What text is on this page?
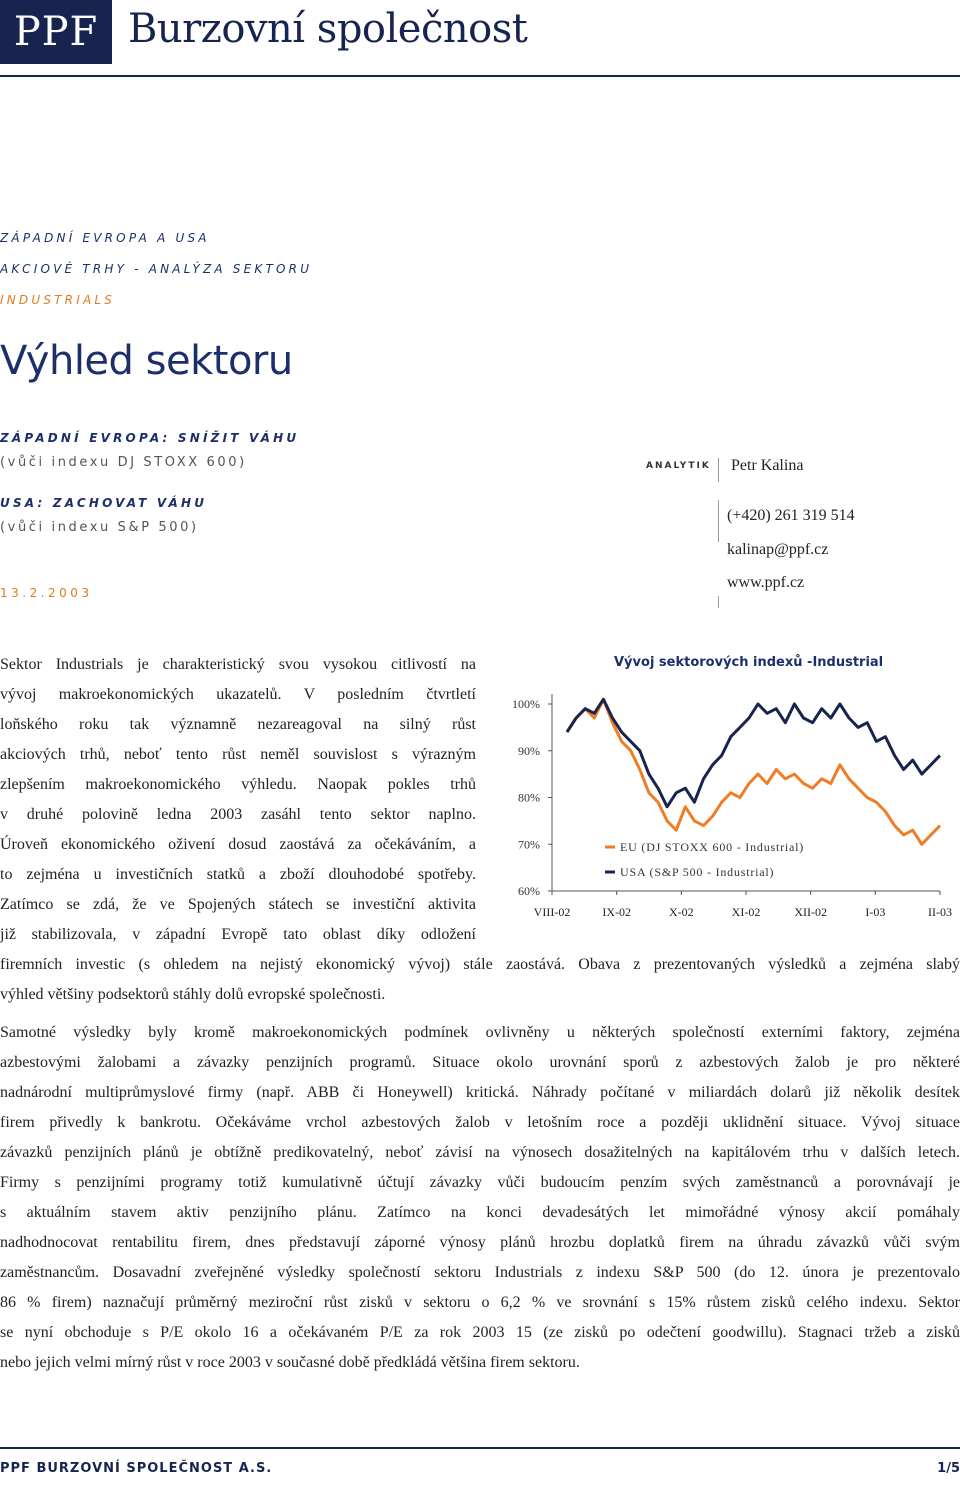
PPF Burzovní společnost
ZÁPADNÍ EVROPA A USA
AKCIOVÉ TRHY - ANALÝZA SEKTORU
INDUSTRIALS
Výhled sektoru
ZÁPADNÍ EVROPA: SNÍŽIT VÁHU
(vůči indexu DJ STOXX 600)
USA: ZACHOVAT VÁHU
(vůči indexu S&P 500)
13.2.2003
ANALYTIK Petr Kalina
(+420) 261 319 514
kalinap@ppf.cz
www.ppf.cz
Sektor Industrials je charakteristický svou vysokou citlivostí na
vývoj makroekonomických ukazatelů. V posledním čtvrtletí
loňského roku tak významně nezareagoval na silný růst
akciových trhů, neboť tento růst neměl souvislost s výrazným
zlepšením makroekonomického výhledu. Naopak pokles trhů
v druhé polovině ledna 2003 zasáhl tento sektor naplno.
Úroveň ekonomického oživení dosud zaostává za očekáváním, a
to zejména u investičních statků a zboží dlouhodobé spotřeby.
Zatímco se zdá, že ve Spojených státech se investiční aktivita
již stabilizovala, v západní Evropě tato oblast díky odložení
firemních investic (s ohledem na nejistý ekonomický vývoj) stále zaostává. Obava z prezentovaných výsledků a zejména slabý
výhled většiny podsektorů stáhly dolů evropské společnosti.
Samotné výsledky byly kromě makroekonomických podmínek ovlivněny u některých společností externími faktory, zejména
azbestovými žalobami a závazky penzijních programů. Situace okolo urovnání sporů z azbestových žalob je pro některé
nadnárodní multiprůmyslové firmy (např. ABB či Honeywell) kritická. Náhrady počítané v miliardách dolarů již několik desítek
firem přivedly k bankrotu. Očekáváme vrchol azbestových žalob v letošním roce a později uklidnění situace. Vývoj situace
závazků penzijních plánů je obtížně predikovatelný, neboť závisí na výnosech dosažitelných na kapitálovém trhu v dalších letech.
Firmy s penzijními programy totiž kumulativně účtují závazky vůči budoucím penzím svých zaměstnanců a porovnávají je
s aktuálním stavem aktiv penzijního plánu. Zatímco na konci devadesátých let mimořádné výnosy akcií pomáhaly
nadhodnocovat rentabilitu firem, dnes představují záporné výnosy plánů hrozbu doplatků firem na úhradu závazků vůči svým
zaměstnancům. Dosavadní zveřejněné výsledky společností sektoru Industrials z indexu S&P 500 (do 12. února je prezentovalo
86 % firem) naznačují průměrný meziroční růst zisků v sektoru o 6,2 % ve srovnání s 15% růstem zisků celého indexu. Sektor
se nyní obchoduje s P/E okolo 16 a očekávaném P/E za rok 2003 15 (ze zisků po odečtení goodwillu). Stagnaci tržeb a zisků
nebo jejich velmi mírný růst v roce 2003 v současné době předkládá většina firem sektoru.
Vývoj sektorových indexů -Industrial
60%
70%
80%
90%
100%
VIII-02	IX-02	X-02	XI-02	XII-02	I-03	II-03
EU (DJ STOXX 600 - Industrial)
USA (S&P 500 - Industrial)
PPF BURZOVNÍ SPOLEČNOST A.S.	1/5
